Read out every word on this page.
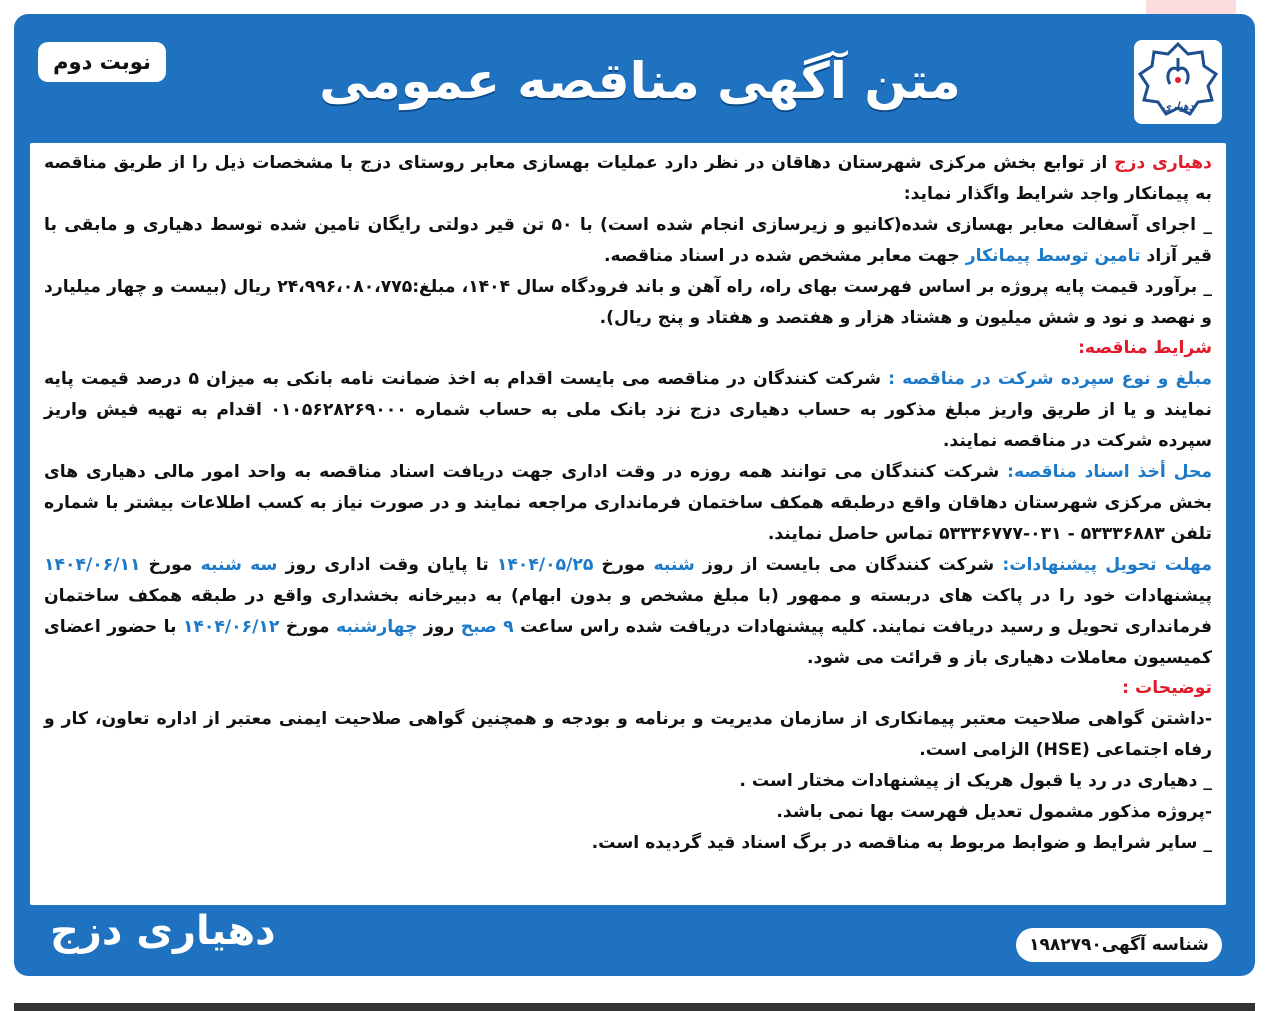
نوبت دوم	متن آگهی مناقصه عمومی	دهیاری

دهیاری دزج از توابع بخش مرکزی شهرستان دهاقان در نظر دارد عملیات بهسازی معابر روستای دزج با مشخصات ذیل را از طریق مناقصه به پیمانکار واجد شرایط واگذار نماید:

_ اجرای آسفالت معابر بهسازی شده(کانیو و زیرسازی انجام شده است) با ۵۰ تن قیر دولتی رایگان تامین شده توسط دهیاری و مابقی با قیر آزاد تامین توسط پیمانکار جهت معابر مشخص شده در اسناد مناقصه.

_ برآورد قیمت پایه پروژه بر اساس فهرست بهای راه، راه آهن و باند فرودگاه سال ۱۴۰۴، مبلغ:۲۴،۹۹۶،۰۸۰،۷۷۵ ریال (بیست و چهار میلیارد و نهصد و نود و شش میلیون و هشتاد هزار و هفتصد و هفتاد و پنج ریال).

شرایط مناقصه:

مبلغ و نوع سپرده شرکت در مناقصه : شرکت کنندگان در مناقصه می بایست اقدام به اخذ ضمانت نامه بانکی به میزان ۵ درصد قیمت پایه نمایند و یا از طریق واریز مبلغ مذکور به حساب دهیاری دزج نزد بانک ملی به حساب شماره ۰۱۰۵۶۲۸۲۶۹۰۰۰ اقدام به تهیه فیش واریز سپرده شرکت در مناقصه نمایند.

محل أخذ اسناد مناقصه: شرکت کنندگان می توانند همه روزه در وقت اداری جهت دریافت اسناد مناقصه به واحد امور مالی دهیاری های بخش مرکزی شهرستان دهاقان واقع درطبقه همکف ساختمان فرمانداری مراجعه نمایند و در صورت نیاز به کسب اطلاعات بیشتر با شماره تلفن ۵۳۳۳۶۸۸۳ - ۰۳۱-۵۳۳۳۶۷۷۷ تماس حاصل نمایند.

مهلت تحویل پیشنهادات: شرکت کنندگان می بایست از روز شنبه مورخ ۱۴۰۴/۰۵/۲۵ تا پایان وقت اداری روز سه شنبه مورخ ۱۴۰۴/۰۶/۱۱ پیشنهادات خود را در پاکت های دربسته و ممهور (با مبلغ مشخص و بدون ابهام) به دبیرخانه بخشداری واقع در طبقه همکف ساختمان فرمانداری تحویل و رسید دریافت نمایند. کلیه پیشنهادات دریافت شده راس ساعت ۹ صبح روز چهارشنبه مورخ ۱۴۰۴/۰۶/۱۲ با حضور اعضای کمیسیون معاملات دهیاری باز و قرائت می شود.

توضیحات :

-داشتن گواهی صلاحیت معتبر پیمانکاری از سازمان مدیریت و برنامه و بودجه و همچنین گواهی صلاحیت ایمنی معتبر از اداره تعاون، کار و رفاه اجتماعی (HSE) الزامی است.

_ دهیاری در رد یا قبول هریک از پیشنهادات مختار است .

-پروژه مذکور مشمول تعدیل فهرست بها نمی باشد.

_ سایر شرایط و ضوابط مربوط به مناقصه در برگ اسناد قید گردیده است.

دهیاری دزج	شناسه آگهی۱۹۸۲۷۹۰
